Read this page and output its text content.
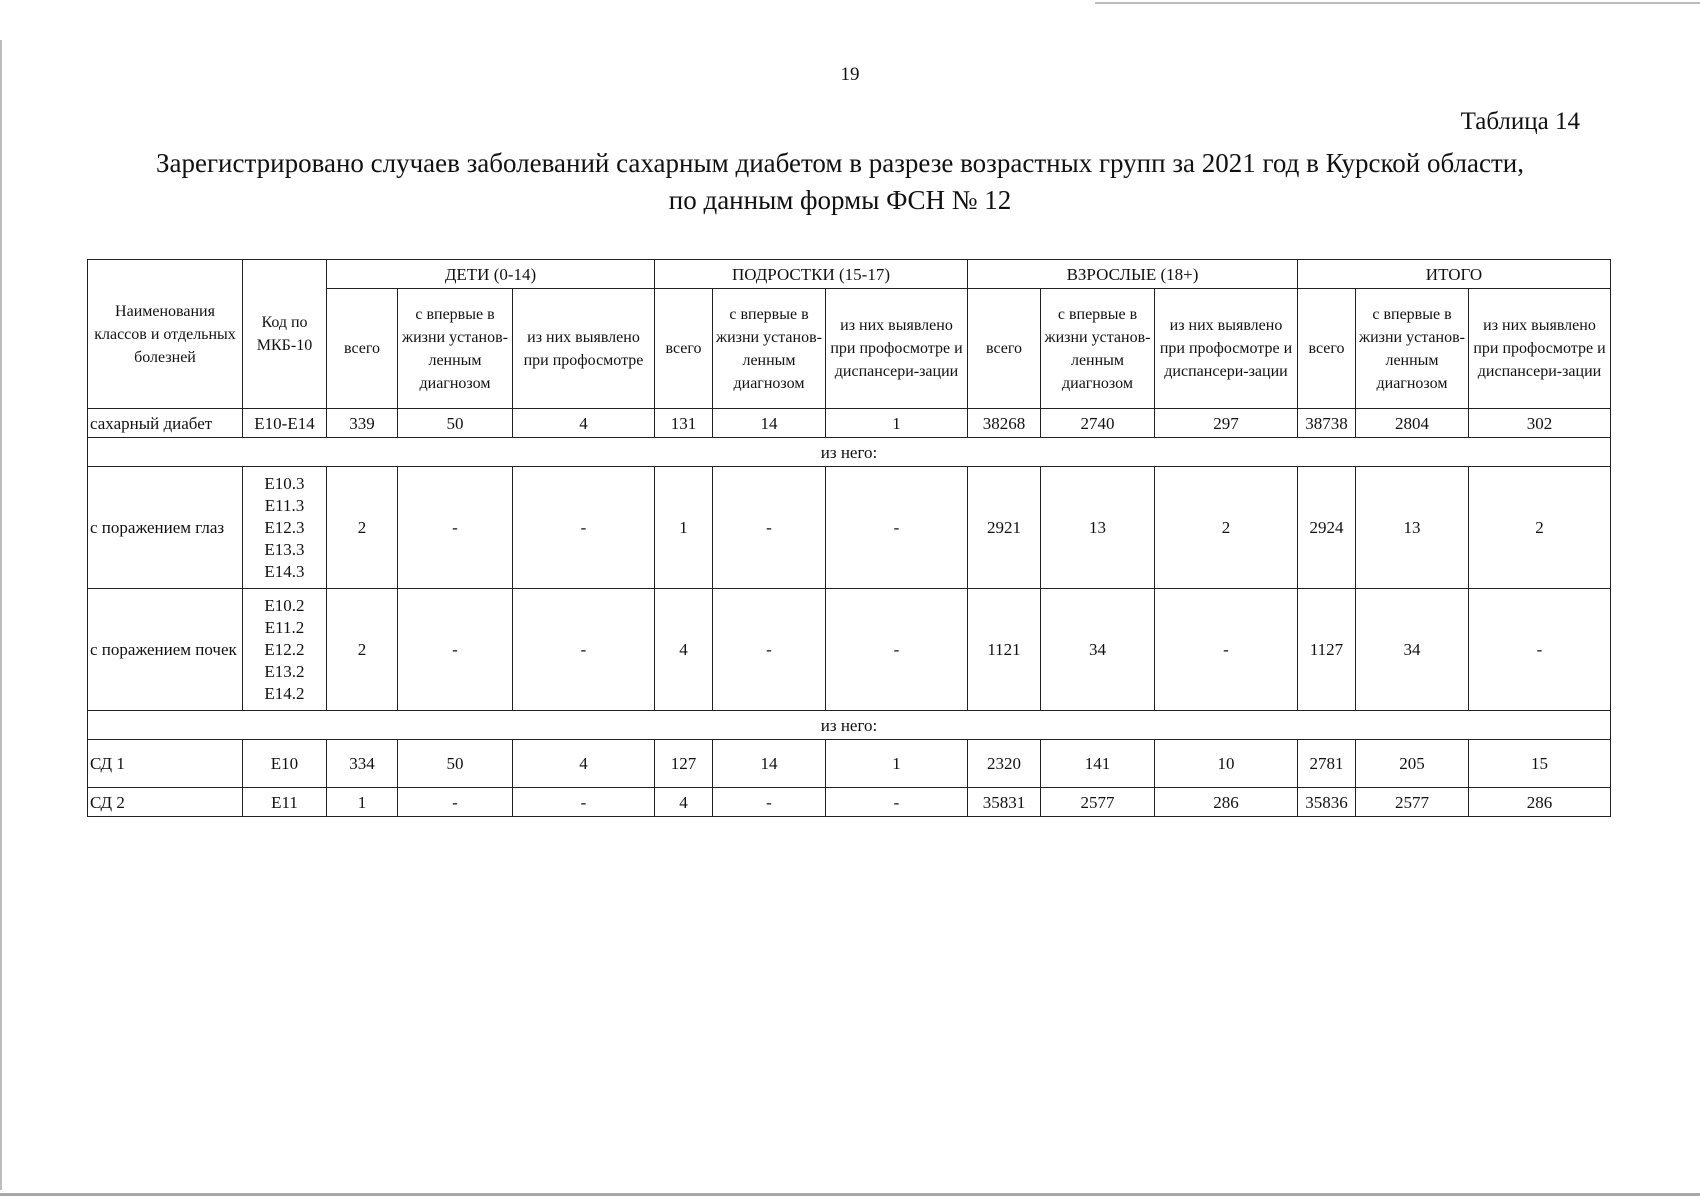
19
Таблица 14
Зарегистрировано случаев заболеваний сахарным диабетом в разрезе возрастных групп за 2021 год в Курской области,
по данным формы ФСН № 12
Наименования классов и отдельных болезней	Код по МКБ-10	ДЕТИ (0-14)			ПОДРОСТКИ (15-17)			ВЗРОСЛЫЕ (18+)			ИТОГО		
		всего	с впервые в жизни установ-ленным диагнозом	из них выявлено при профосмотре	всего	с впервые в жизни установ-ленным диагнозом	из них выявлено при профосмотре и диспансери-зации	всего	с впервые в жизни установ-ленным диагнозом	из них выявлено при профосмотре и диспансери-зации	всего	с впервые в жизни установ-ленным диагнозом	из них выявлено при профосмотре и диспансери-зации
сахарный диабет	E10-E14	339	50	4	131	14	1	38268	2740	297	38738	2804	302
из него:													
с поражением глаз	E10.3
E11.3
E12.3
E13.3
E14.3	2	-	-	1	-	-	2921	13	2	2924	13	2
с поражением почек	E10.2
E11.2
E12.2
E13.2
E14.2	2	-	-	4	-	-	1121	34	-	1127	34	-
из него:													
СД 1	E10	334	50	4	127	14	1	2320	141	10	2781	205	15
СД 2	E11	1	-	-	4	-	-	35831	2577	286	35836	2577	286
